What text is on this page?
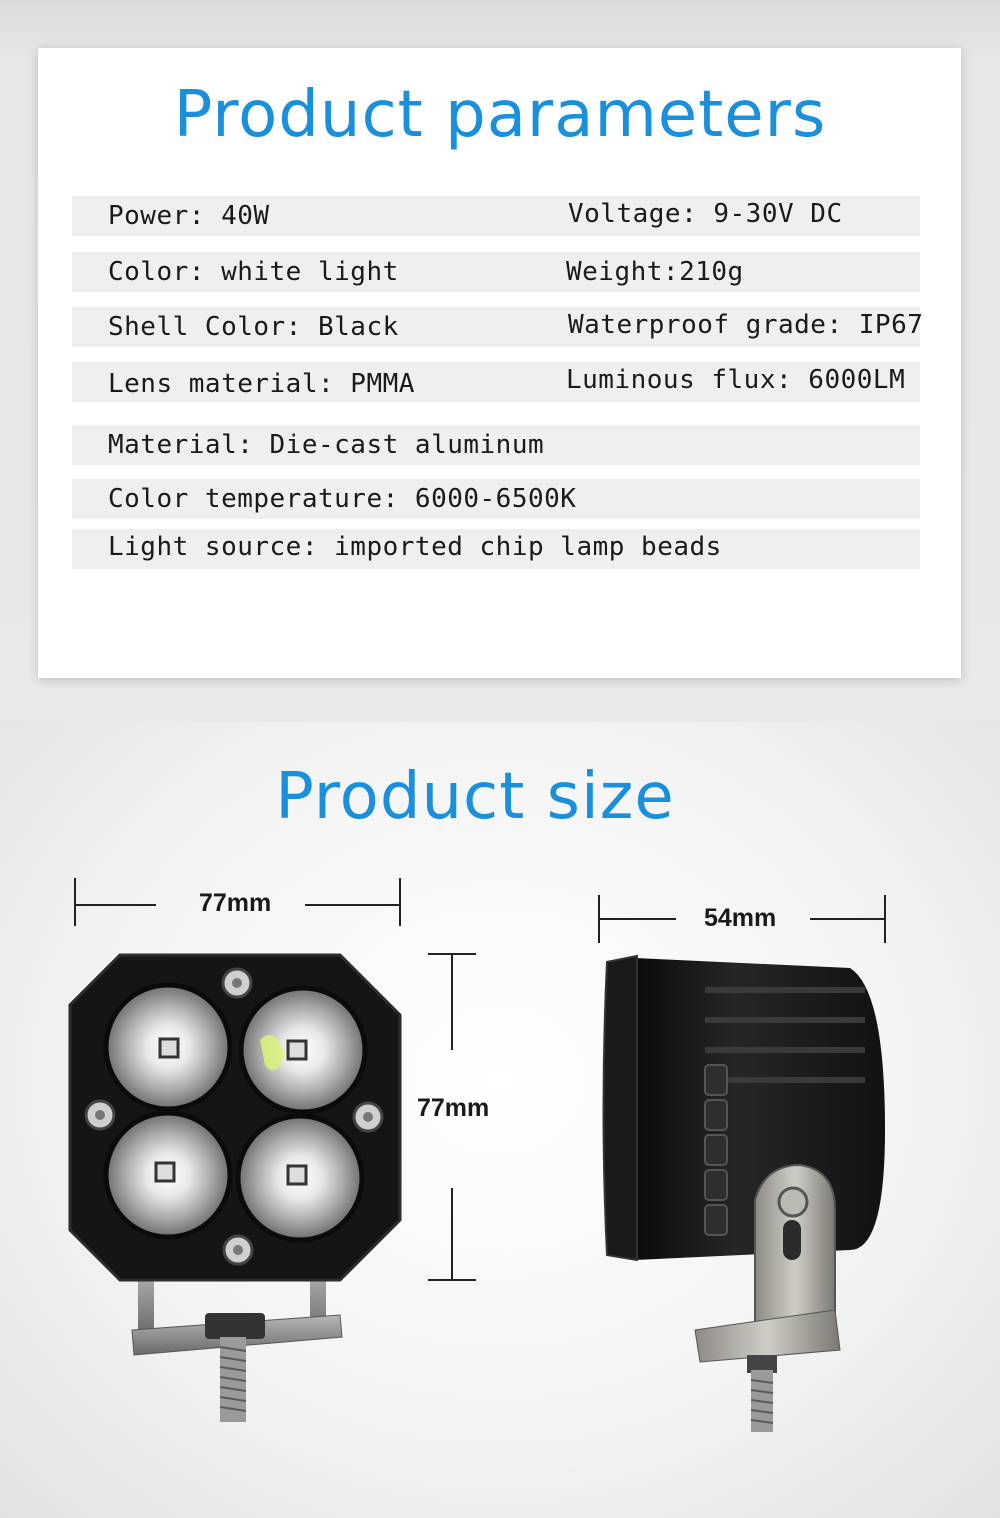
Product parameters
Power: 40W	Voltage: 9-30V DC
Color: white light	Weight:210g
Shell Color: Black	Waterproof grade: IP67
Lens material: PMMA	Luminous flux: 6000LM
Material: Die-cast aluminum
Color temperature: 6000-6500K
Light source: imported chip lamp beads
Product size
77mm
77mm
54mm
